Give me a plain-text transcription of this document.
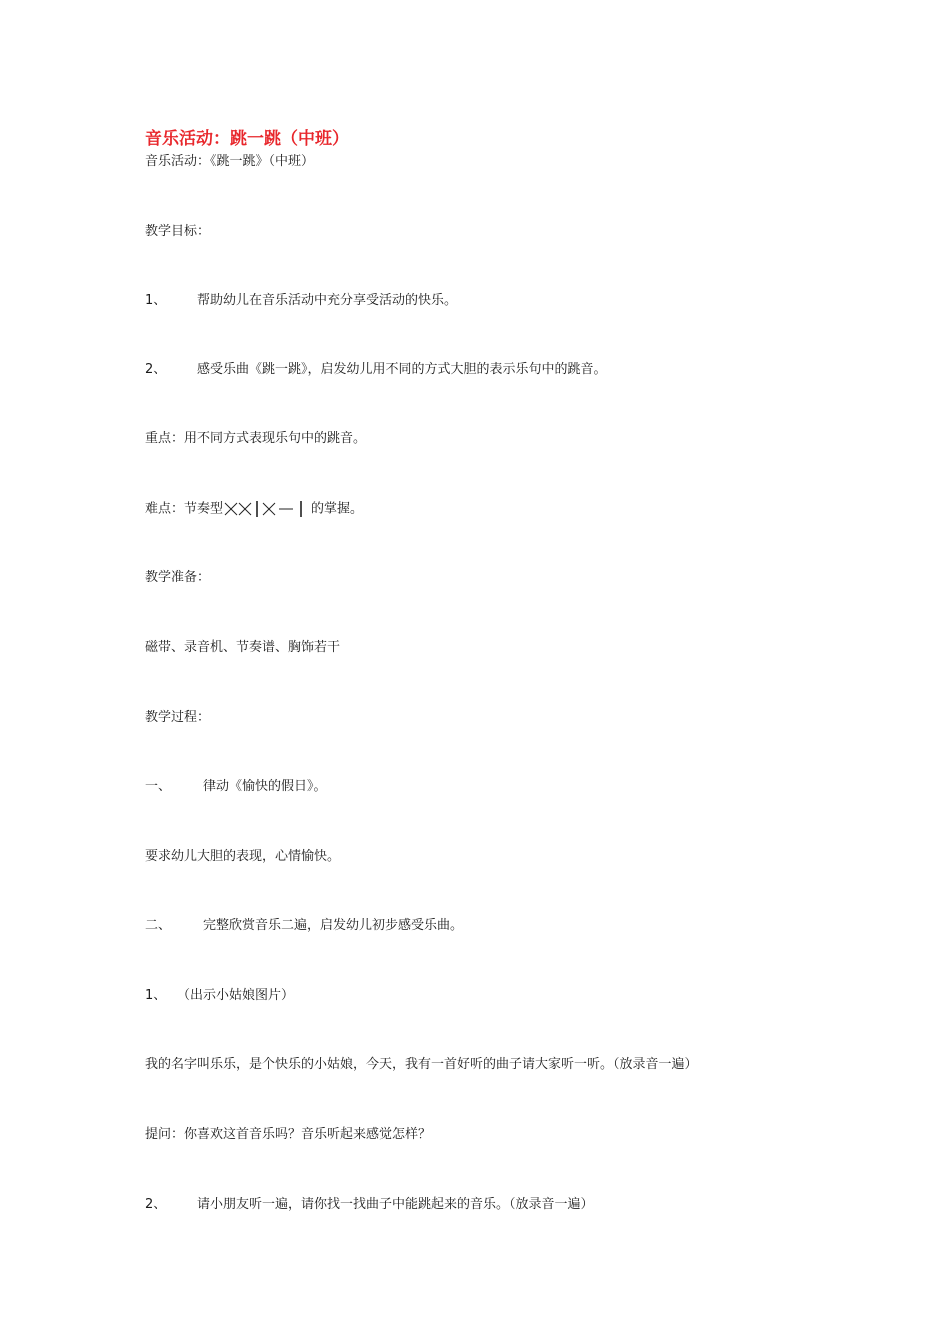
音乐活动：跳一跳（中班）
音乐活动：《跳一跳》（中班）
教学目标：
1、 帮助幼儿在音乐活动中充分享受活动的快乐。
2、 感受乐曲《跳一跳》，启发幼儿用不同的方式大胆的表示乐句中的跳音。
重点：用不同方式表现乐句中的跳音。
难点：节奏型	的掌握。
教学准备：
磁带、录音机、节奏谱、胸饰若干
教学过程：
一、 律动《愉快的假日》。
要求幼儿大胆的表现，心情愉快。
二、 完整欣赏音乐二遍，启发幼儿初步感受乐曲。
1、 （出示小姑娘图片）
我的名字叫乐乐，是个快乐的小姑娘，今天，我有一首好听的曲子请大家听一听。（放录音一遍）
提问：你喜欢这首音乐吗？音乐听起来感觉怎样？
2、 请小朋友听一遍，请你找一找曲子中能跳起来的音乐。（放录音一遍）
